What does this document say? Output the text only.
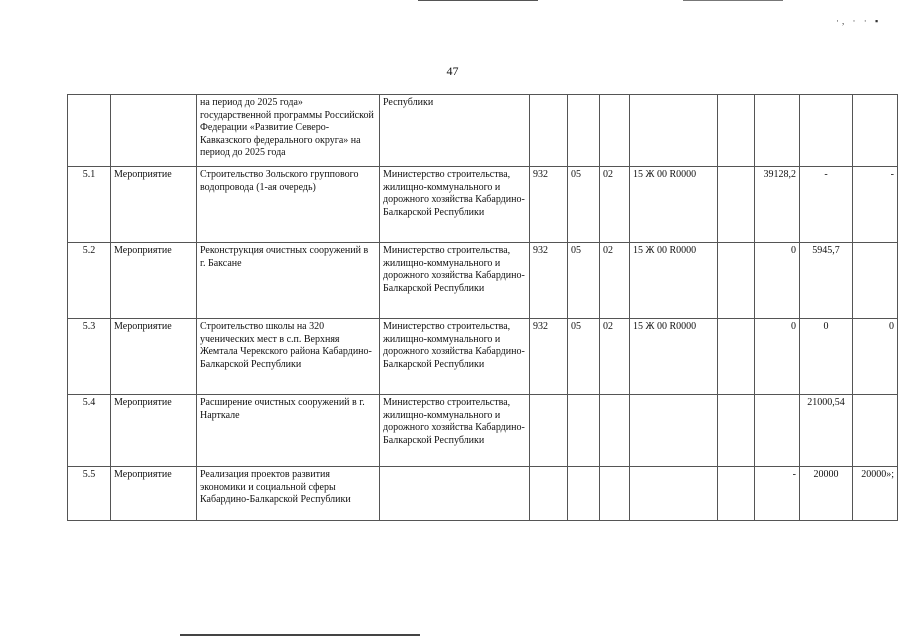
·, · · ▪
47
		на период до 2025 года» государственной программы Российской Федерации «Развитие Северо-Кавказского федерального округа» на период до 2025 года	Республики								
5.1	Мероприятие	Строительство Зольского группового водопровода (1-ая очередь)	Министерство строительства, жилищно-коммунального и дорожного хозяйства Кабардино-Балкарской Республики	932	05	02	15 Ж 00 R0000		39128,2	-	-
5.2	Мероприятие	Реконструкция очистных сооружений в г. Баксане	Министерство строительства, жилищно-коммунального и дорожного хозяйства Кабардино-Балкарской Республики	932	05	02	15 Ж 00 R0000		0	5945,7	
5.3	Мероприятие	Строительство школы на 320 ученических мест в с.п. Верхняя Жемтала Черекского района Кабардино-Балкарской Республики	Министерство строительства, жилищно-коммунального и дорожного хозяйства Кабардино-Балкарской Республики	932	05	02	15 Ж 00 R0000		0	0	0
5.4	Мероприятие	Расширение очистных сооружений в г. Нарткале	Министерство строительства, жилищно-коммунального и дорожного хозяйства Кабардино-Балкарской Республики							21000,54	
5.5	Мероприятие	Реализация проектов развития экономики и социальной сферы Кабардино-Балкарской Республики							-	20000	20000»;
